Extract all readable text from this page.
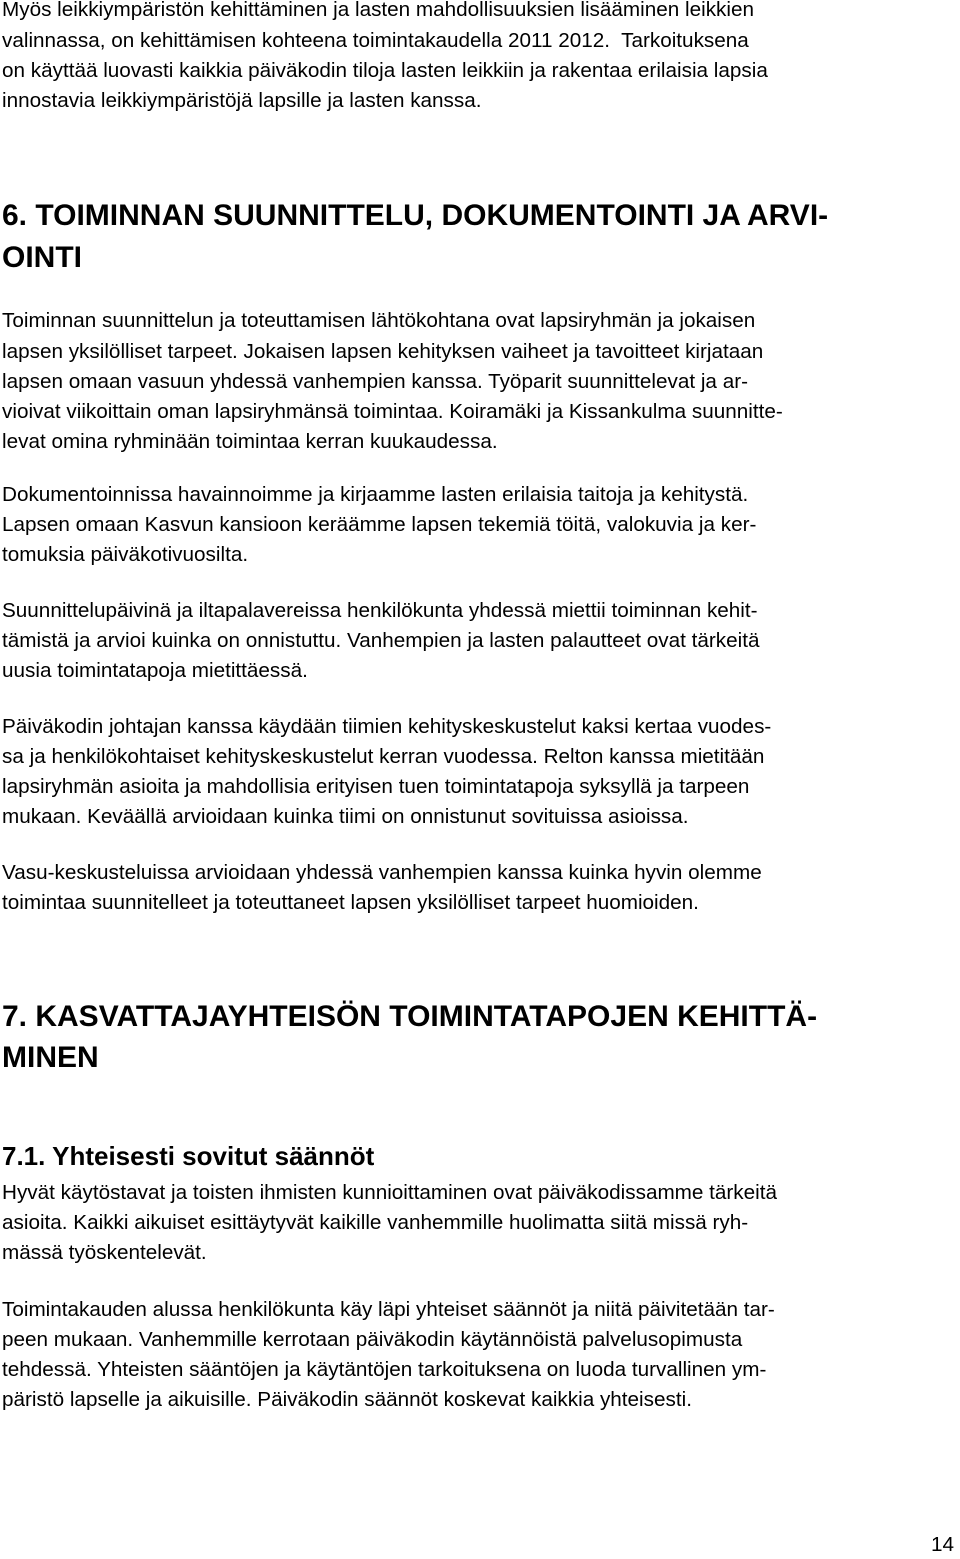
Myös leikkiympäristön kehittäminen ja lasten mahdollisuuksien lisääminen leikkien
valinnassa, on kehittämisen kohteena toimintakaudella 2011 2012.  Tarkoituksena
on käyttää luovasti kaikkia päiväkodin tiloja lasten leikkiin ja rakentaa erilaisia lapsia
innostavia leikkiympäristöjä lapsille ja lasten kanssa.
6. TOIMINNAN SUUNNITTELU, DOKUMENTOINTI JA ARVI-
OINTI
Toiminnan suunnittelun ja toteuttamisen lähtökohtana ovat lapsiryhmän ja jokaisen
lapsen yksilölliset tarpeet. Jokaisen lapsen kehityksen vaiheet ja tavoitteet kirjataan
lapsen omaan vasuun yhdessä vanhempien kanssa. Työparit suunnittelevat ja ar-
vioivat viikoittain oman lapsiryhmänsä toimintaa. Koiramäki ja Kissankulma suunnitte-
levat omina ryhminään toimintaa kerran kuukaudessa.
Dokumentoinnissa havainnoimme ja kirjaamme lasten erilaisia taitoja ja kehitystä.
Lapsen omaan Kasvun kansioon keräämme lapsen tekemiä töitä, valokuvia ja ker-
tomuksia päiväkotivuosilta.
Suunnittelupäivinä ja iltapalavereissa henkilökunta yhdessä miettii toiminnan kehit-
tämistä ja arvioi kuinka on onnistuttu. Vanhempien ja lasten palautteet ovat tärkeitä
uusia toimintatapoja mietittäessä.
Päiväkodin johtajan kanssa käydään tiimien kehityskeskustelut kaksi kertaa vuodes-
sa ja henkilökohtaiset kehityskeskustelut kerran vuodessa. Relton kanssa mietitään
lapsiryhmän asioita ja mahdollisia erityisen tuen toimintatapoja syksyllä ja tarpeen
mukaan. Keväällä arvioidaan kuinka tiimi on onnistunut sovituissa asioissa.
Vasu-keskusteluissa arvioidaan yhdessä vanhempien kanssa kuinka hyvin olemme
toimintaa suunnitelleet ja toteuttaneet lapsen yksilölliset tarpeet huomioiden.
7. KASVATTAJAYHTEISÖN TOIMINTATAPOJEN KEHITTÄ-
MINEN
7.1. Yhteisesti sovitut säännöt
Hyvät käytöstavat ja toisten ihmisten kunnioittaminen ovat päiväkodissamme tärkeitä
asioita. Kaikki aikuiset esittäytyvät kaikille vanhemmille huolimatta siitä missä ryh-
mässä työskentelevät.
Toimintakauden alussa henkilökunta käy läpi yhteiset säännöt ja niitä päivitetään tar-
peen mukaan. Vanhemmille kerrotaan päiväkodin käytännöistä palvelusopimusta
tehdessä. Yhteisten sääntöjen ja käytäntöjen tarkoituksena on luoda turvallinen ym-
päristö lapselle ja aikuisille. Päiväkodin säännöt koskevat kaikkia yhteisesti.
14
